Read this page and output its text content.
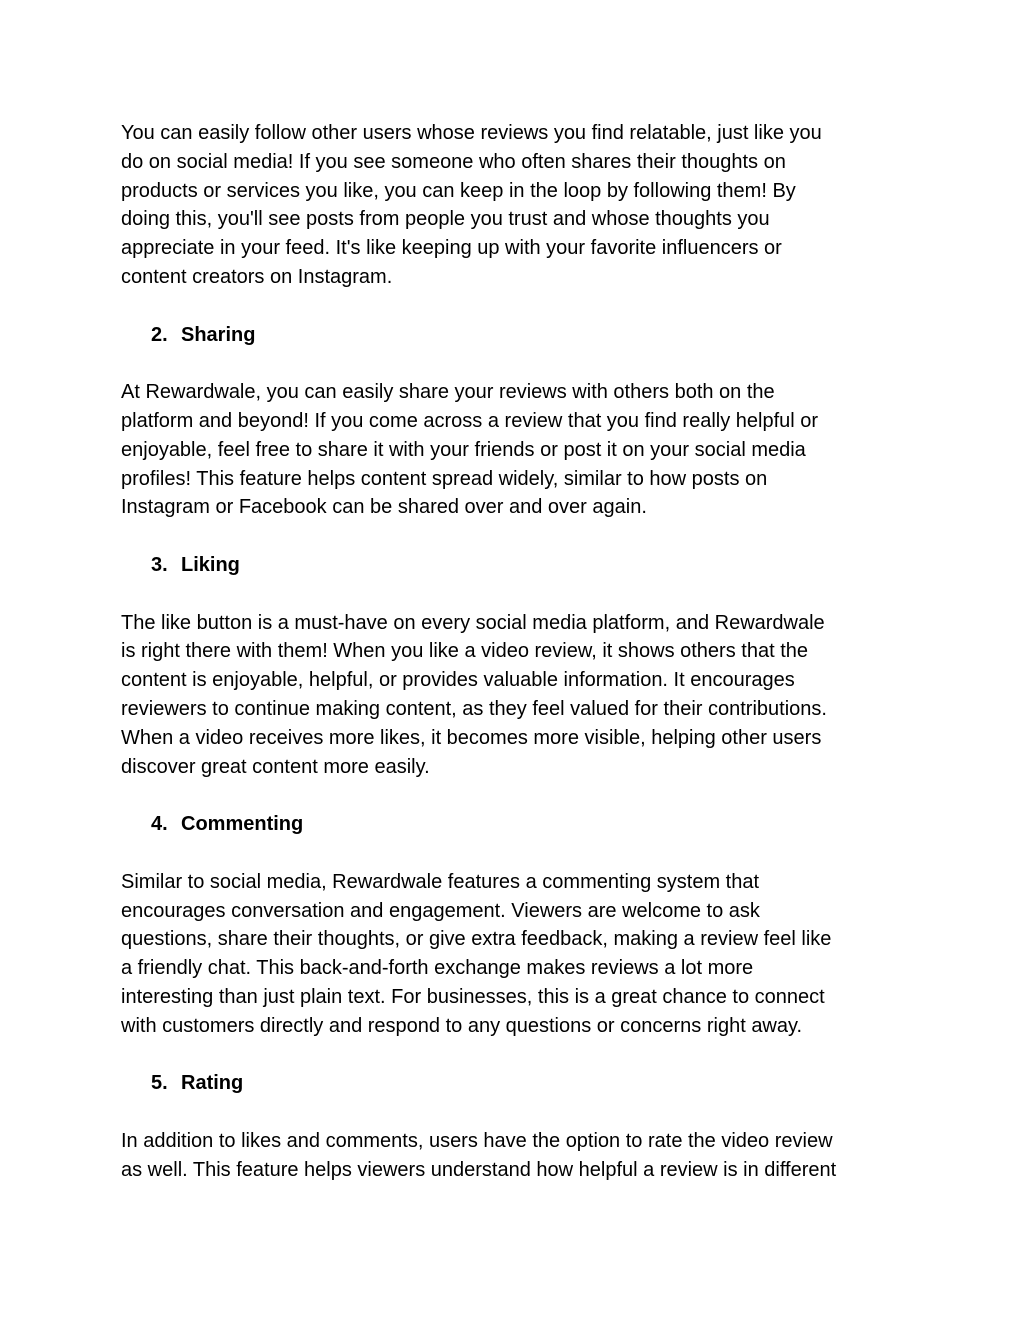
You can easily follow other users whose reviews you find relatable, just like you
do on social media! If you see someone who often shares their thoughts on
products or services you like, you can keep in the loop by following them! By
doing this, you'll see posts from people you trust and whose thoughts you
appreciate in your feed. It's like keeping up with your favorite influencers or
content creators on Instagram.

2. Sharing

At Rewardwale, you can easily share your reviews with others both on the
platform and beyond! If you come across a review that you find really helpful or
enjoyable, feel free to share it with your friends or post it on your social media
profiles! This feature helps content spread widely, similar to how posts on
Instagram or Facebook can be shared over and over again.

3. Liking

The like button is a must-have on every social media platform, and Rewardwale
is right there with them! When you like a video review, it shows others that the
content is enjoyable, helpful, or provides valuable information. It encourages
reviewers to continue making content, as they feel valued for their contributions.
When a video receives more likes, it becomes more visible, helping other users
discover great content more easily.

4. Commenting

Similar to social media, Rewardwale features a commenting system that
encourages conversation and engagement. Viewers are welcome to ask
questions, share their thoughts, or give extra feedback, making a review feel like
a friendly chat. This back-and-forth exchange makes reviews a lot more
interesting than just plain text. For businesses, this is a great chance to connect
with customers directly and respond to any questions or concerns right away.

5. Rating

In addition to likes and comments, users have the option to rate the video review
as well. This feature helps viewers understand how helpful a review is in different
